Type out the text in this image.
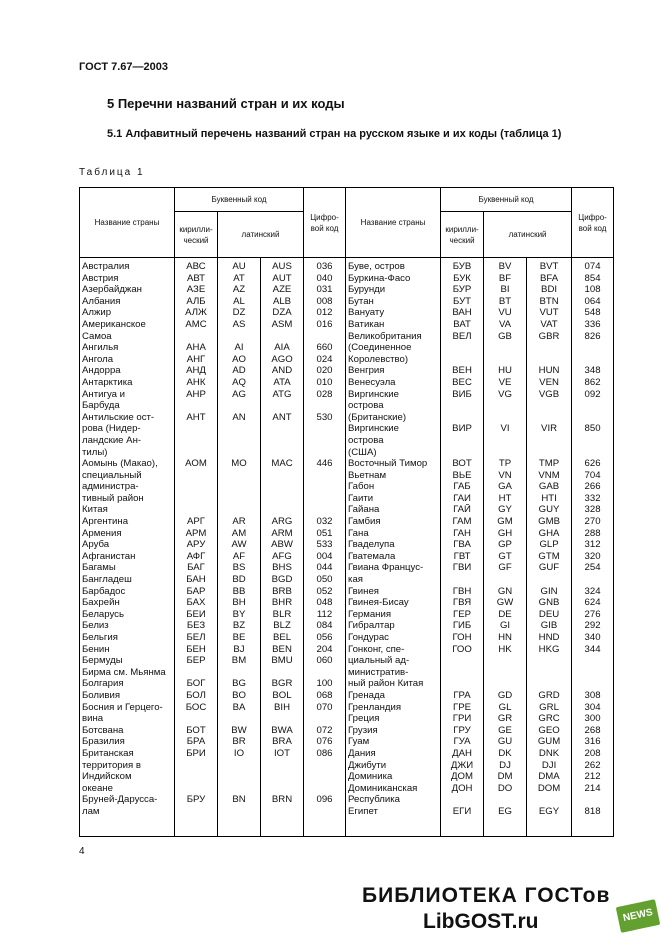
ГОСТ 7.67—2003
5 Перечни названий стран и их коды
5.1 Алфавитный перечень названий стран на русском языке и их коды (таблица 1)
Таблица 1
Название страны	Буквенный код			Цифро-вой код	Название страны	Буквенный код			Цифро-вой код
	кирилли-ческий	латинский				кирилли-ческий	латинский		
Австралия	АВС	AU	AUS	036	Буве, остров	БУВ	BV	BVT	074
Австрия	АВТ	AT	AUT	040	Буркина-Фасо	БУК	BF	BFA	854
Азербайджан	АЗЕ	AZ	AZE	031	Бурунди	БУР	BI	BDI	108
Албания	АЛБ	AL	ALB	008	Бутан	БУТ	BT	BTN	064
Алжир	АЛЖ	DZ	DZA	012	Вануату	ВАН	VU	VUT	548
Американское	АМС	AS	ASM	016	Ватикан	ВАТ	VA	VAT	336
Самоа					Великобритания	ВЕЛ	GB	GBR	826
Ангилья	АНА	AI	AIA	660	(Соединенное				
Ангола	АНГ	AO	AGO	024	Королевство)				
Андорра	АНД	AD	AND	020	Венгрия	ВЕН	HU	HUN	348
Антарктика	АНК	AQ	ATA	010	Венесуэла	ВЕС	VE	VEN	862
Антигуа и	АНР	AG	ATG	028	Виргинские	ВИБ	VG	VGB	092
Барбуда					острова				
Антильские ост-	АНТ	AN	ANT	530	(Британские)				
рова (Нидер-					Виргинские	ВИР	VI	VIR	850
ландские Ан-					острова				
тилы)					(США)				
Аомынь (Макао),	АОМ	MO	MAC	446	Восточный Тимор	ВОТ	TP	TMP	626
специальный					Вьетнам	ВЬЕ	VN	VNM	704
администра-					Габон	ГАБ	GA	GAB	266
тивный район					Гаити	ГАИ	HT	HTI	332
Китая					Гайана	ГАЙ	GY	GUY	328
Аргентина	АРГ	AR	ARG	032	Гамбия	ГАМ	GM	GMB	270
Армения	АРМ	AM	ARM	051	Гана	ГАН	GH	GHA	288
Аруба	АРУ	AW	ABW	533	Гваделупа	ГВА	GP	GLP	312
Афганистан	АФГ	AF	AFG	004	Гватемала	ГВТ	GT	GTM	320
Багамы	БАГ	BS	BHS	044	Гвиана Францус-	ГВИ	GF	GUF	254
Бангладеш	БАН	BD	BGD	050	кая				
Барбадос	БАР	BB	BRB	052	Гвинея	ГВН	GN	GIN	324
Бахрейн	БАХ	BH	BHR	048	Гвинея-Бисау	ГВЯ	GW	GNB	624
Беларусь	БЕИ	BY	BLR	112	Германия	ГЕР	DE	DEU	276
Белиз	БЕЗ	BZ	BLZ	084	Гибралтар	ГИБ	GI	GIB	292
Бельгия	БЕЛ	BE	BEL	056	Гондурас	ГОН	HN	HND	340
Бенин	БЕН	BJ	BEN	204	Гонконг, спе-	ГОО	HK	HKG	344
Бермуды	БЕР	BM	BMU	060	циальный ад-				
Бирма см. Мьянма					министратив-				
Болгария	БОГ	BG	BGR	100	ный район Китая				
Боливия	БОЛ	BO	BOL	068	Гренада	ГРА	GD	GRD	308
Босния и Герцего-	БОС	BA	BIH	070	Гренландия	ГРЕ	GL	GRL	304
вина					Греция	ГРИ	GR	GRC	300
Ботсвана	БОТ	BW	BWA	072	Грузия	ГРУ	GE	GEO	268
Бразилия	БРА	BR	BRA	076	Гуам	ГУА	GU	GUM	316
Британская	БРИ	IO	IOT	086	Дания	ДАН	DK	DNK	208
территория в					Джибути	ДЖИ	DJ	DJI	262
Индийском					Доминика	ДОМ	DM	DMA	212
океане					Доминиканская	ДОН	DO	DOM	214
Бруней-Даруссa-	БРУ	BN	BRN	096	Республика				
лам					Египет	ЕГИ	EG	EGY	818
4
БИБЛИОТЕКА ГОСТов
LibGOST.ru	NEWS
